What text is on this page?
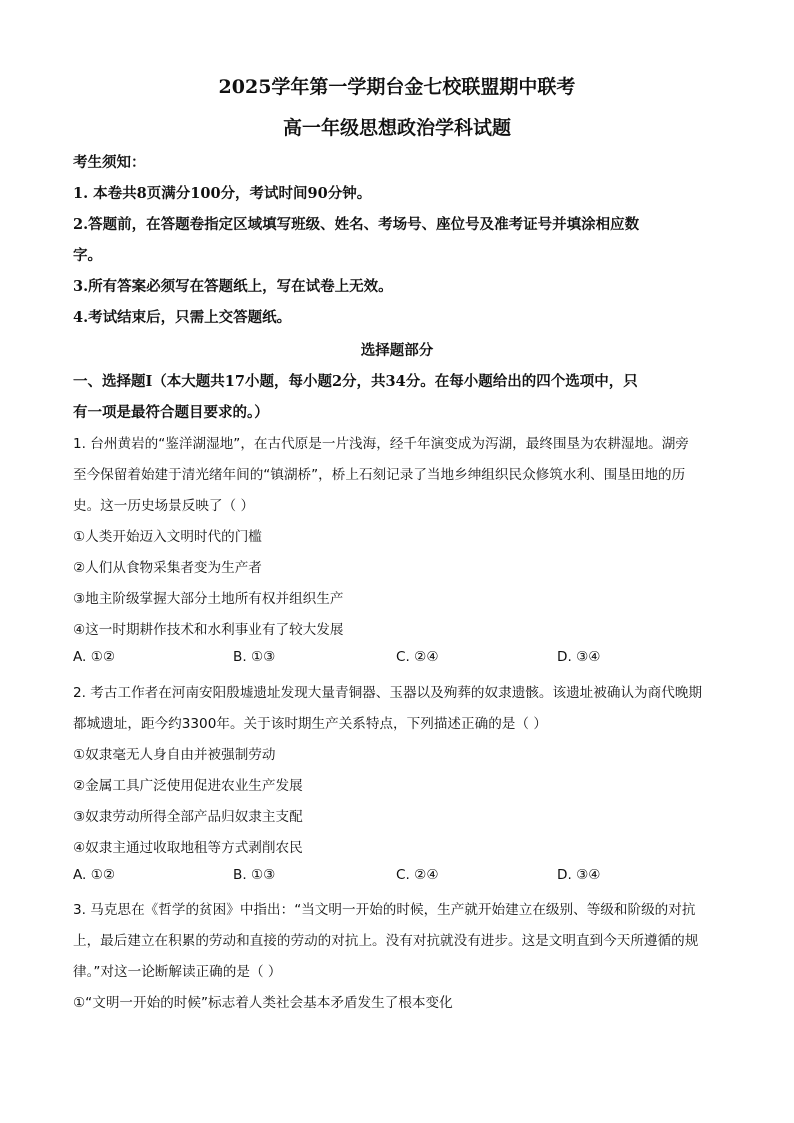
2025学年第一学期台金七校联盟期中联考
高一年级思想政治学科试题
考生须知：
1. 本卷共8页满分100分，考试时间90分钟。
2.答题前，在答题卷指定区域填写班级、姓名、考场号、座位号及准考证号并填涂相应数
字。
3.所有答案必须写在答题纸上，写在试卷上无效。
4.考试结束后，只需上交答题纸。
选择题部分
一、选择题Ⅰ（本大题共17小题，每小题2分，共34分。在每小题给出的四个选项中，只
有一项是最符合题目要求的。）
1. 台州黄岩的“鉴洋湖湿地”，在古代原是一片浅海，经千年演变成为泻湖，最终围垦为农耕湿地。湖旁
至今保留着始建于清光绪年间的“镇湖桥”，桥上石刻记录了当地乡绅组织民众修筑水利、围垦田地的历
史。这一历史场景反映了（ ）
①人类开始迈入文明时代的门槛
②人们从食物采集者变为生产者
③地主阶级掌握大部分土地所有权并组织生产
④这一时期耕作技术和水利事业有了较大发展
A. ①②	B. ①③	C. ②④	D. ③④
2. 考古工作者在河南安阳殷墟遗址发现大量青铜器、玉器以及殉葬的奴隶遗骸。该遗址被确认为商代晚期
都城遗址，距今约3300年。关于该时期生产关系特点，下列描述正确的是（ ）
①奴隶毫无人身自由并被强制劳动
②金属工具广泛使用促进农业生产发展
③奴隶劳动所得全部产品归奴隶主支配
④奴隶主通过收取地租等方式剥削农民
A. ①②	B. ①③	C. ②④	D. ③④
3. 马克思在《哲学的贫困》中指出：“当文明一开始的时候，生产就开始建立在级别、等级和阶级的对抗
上，最后建立在积累的劳动和直接的劳动的对抗上。没有对抗就没有进步。这是文明直到今天所遵循的规
律。”对这一论断解读正确的是（ ）
①“文明一开始的时候”标志着人类社会基本矛盾发生了根本变化
